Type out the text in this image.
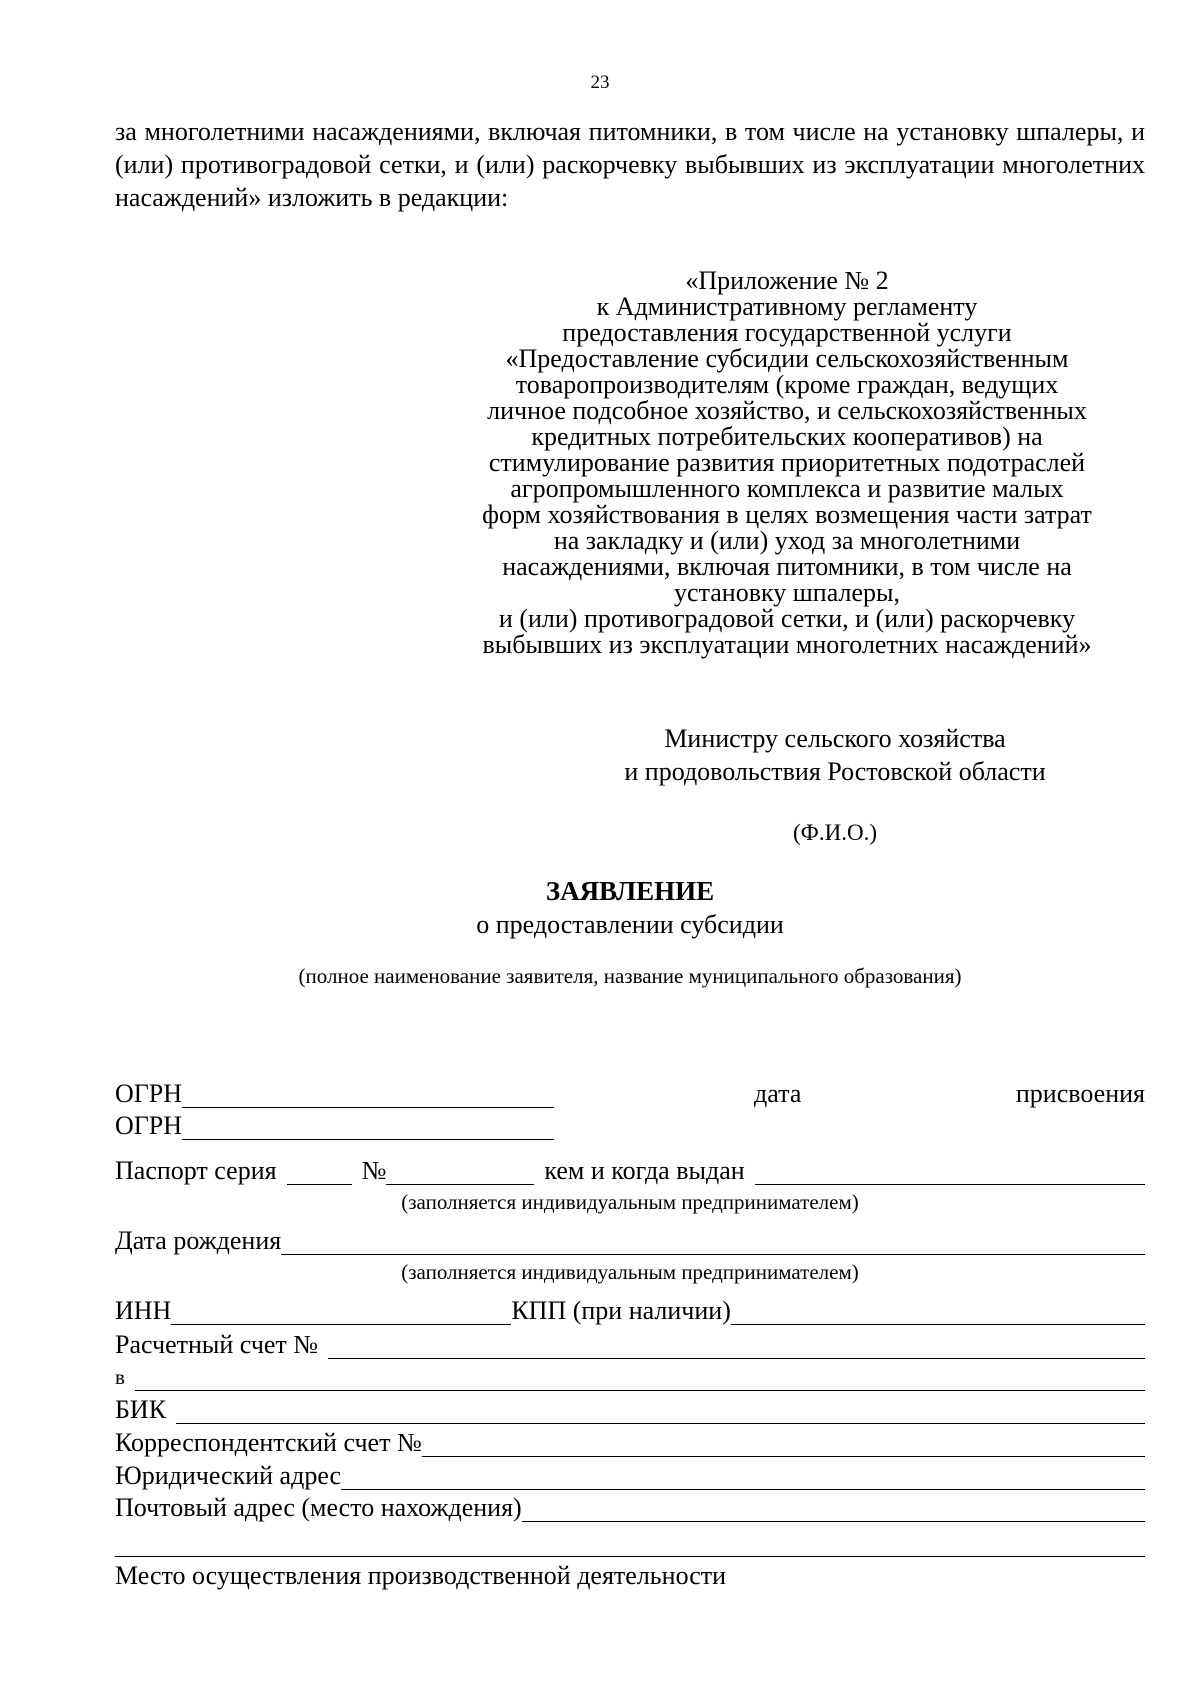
23
за многолетними насаждениями, включая питомники, в том числе на установку шпалеры, и (или) противоградовой сетки, и (или) раскорчевку выбывших из эксплуатации многолетних насаждений» изложить в редакции:
«Приложение № 2
к Административному регламенту
предоставления государственной услуги
«Предоставление субсидии сельскохозяйственным
товаропроизводителям (кроме граждан, ведущих
личное подсобное хозяйство, и сельскохозяйственных
кредитных потребительских кооперативов) на
стимулирование развития приоритетных подотраслей
агропромышленного комплекса и развитие малых
форм хозяйствования в целях возмещения части затрат
на закладку и (или) уход за многолетними
насаждениями, включая питомники, в том числе на
установку шпалеры,
и (или) противоградовой сетки, и (или) раскорчевку
выбывших из эксплуатации многолетних насаждений»
Министру сельского хозяйства
и продовольствия Ростовской области
(Ф.И.О.)
ЗАЯВЛЕНИЕ
о предоставлении субсидии
(полное наименование заявителя, название муниципального образования)
ОГРН	дата	присвоения
ОГРН
Паспорт серия	№	кем и когда выдан
(заполняется индивидуальным предпринимателем)
Дата рождения
(заполняется индивидуальным предпринимателем)
ИНН	КПП (при наличии)
Расчетный счет №
в
БИК
Корреспондентский счет №
Юридический адрес
Почтовый адрес (место нахождения)
Место осуществления производственной деятельности
